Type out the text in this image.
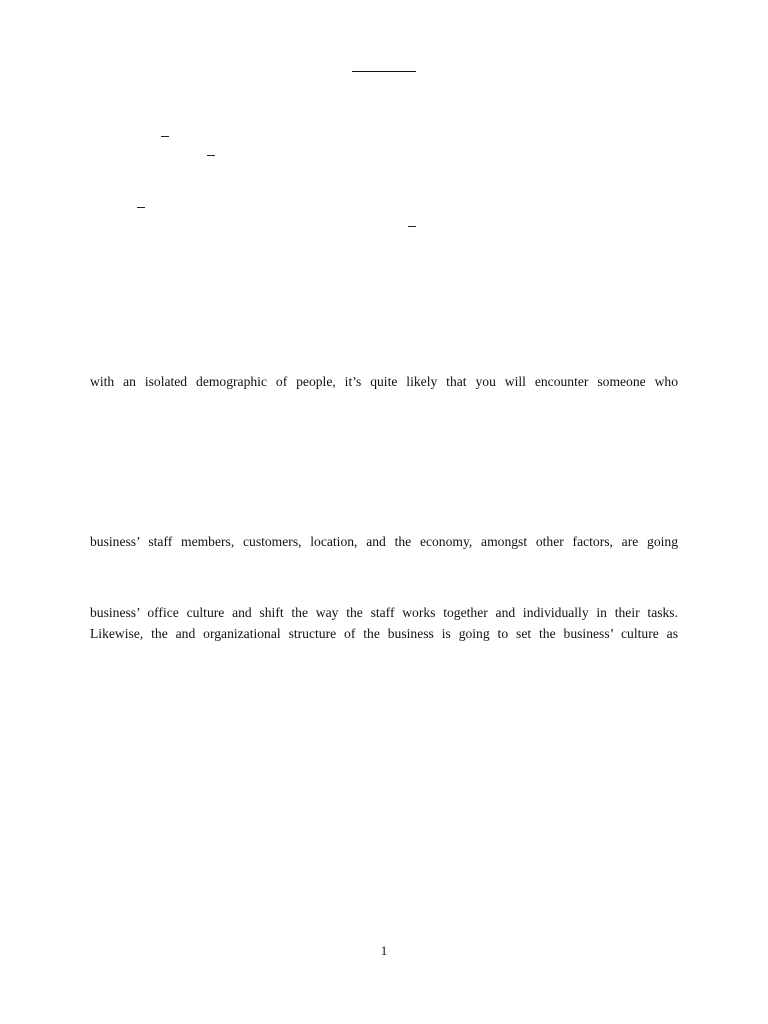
with an isolated demographic of people, it’s quite likely that you will encounter someone who
business’ staff members, customers, location, and the economy, amongst other factors, are going
business’ office culture and shift the way the staff works together and individually in their tasks.
Likewise, the and organizational structure of the business is going to set the business’ culture as
1
